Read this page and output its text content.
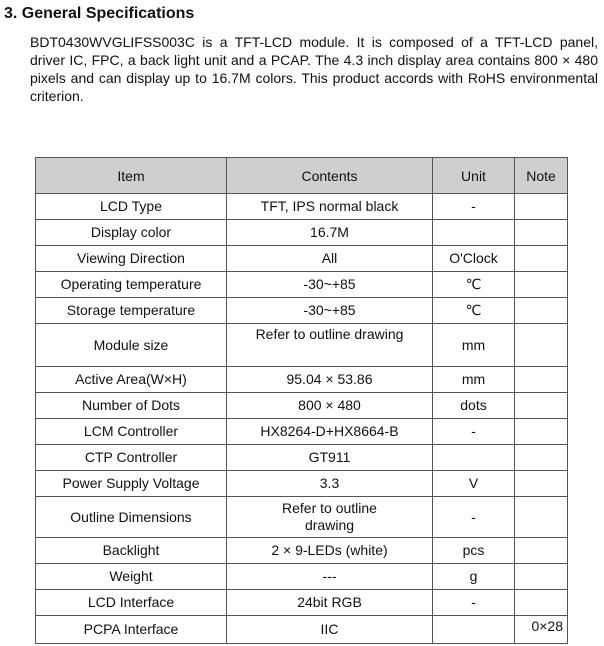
3. General Specifications

BDT0430WVGLIFSS003C is a TFT-LCD module. It is composed of a TFT-LCD panel, driver IC, FPC, a back light unit and a PCAP. The 4.3 inch display area contains 800 × 480 pixels and can display up to 16.7M colors. This product accords with RoHS environmental criterion.

Item	Contents	Unit	Note
LCD Type	TFT, IPS normal black	-	
Display color	16.7M		
Viewing Direction	All	O'Clock	
Operating temperature	-30~+85	℃	
Storage temperature	-30~+85	℃	
Module size	Refer to outline drawing	mm	
Active Area(W×H)	95.04 × 53.86	mm	
Number of Dots	800 × 480	dots	
LCM Controller	HX8264-D+HX8664-B	-	
CTP Controller	GT911		
Power Supply Voltage	3.3	V	
Outline Dimensions	Refer to outline drawing	-	
Backlight	2 × 9-LEDs (white)	pcs	
Weight	---	g	
LCD Interface	24bit RGB	-	
PCPA Interface	IIC		0×28
